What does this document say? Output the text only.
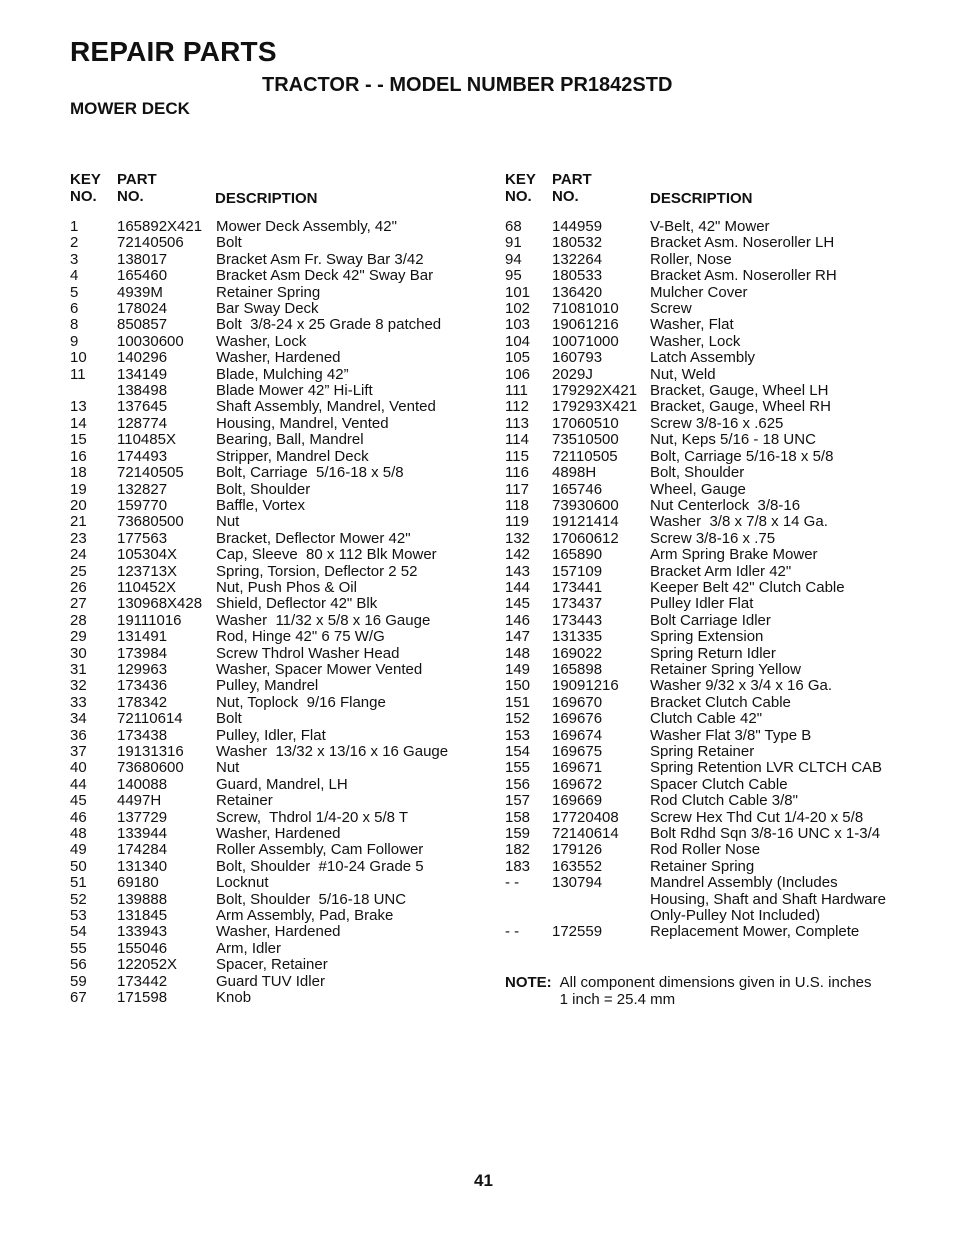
REPAIR PARTS
TRACTOR - - MODEL NUMBER PR1842STD
MOWER DECK
KEY
NO.
PART
NO.	DESCRIPTION
1	165892X421 Mower Deck Assembly, 42"
2	72140506	Bolt
3	138017	Bracket Asm Fr. Sway Bar 3/42
4	165460	Bracket Asm Deck 42" Sway Bar
5	4939M	Retainer Spring
6	178024	Bar Sway Deck
8	850857	Bolt  3/8-24 x 25 Grade 8 patched
9	10030600	Washer, Lock
10	140296	Washer, Hardened
11	134149	Blade, Mulching 42”
138498	Blade Mower 42” Hi-Lift
13	137645	Shaft Assembly, Mandrel, Vented
14	128774	Housing, Mandrel, Vented
15	110485X	Bearing, Ball, Mandrel
16	174493	Stripper, Mandrel Deck
18	72140505	Bolt, Carriage  5/16-18 x 5/8
19	132827	Bolt, Shoulder
20	159770	Baffle, Vortex
21	73680500	Nut
23	177563	Bracket, Deflector Mower 42"
24	105304X	Cap, Sleeve  80 x 112 Blk Mower
25	123713X	Spring, Torsion, Deflector 2 52
26	110452X	Nut, Push Phos & Oil
27	130968X428 Shield, Deflector 42" Blk
28	19111016	Washer  11/32 x 5/8 x 16 Gauge
29	131491	Rod, Hinge 42" 6 75 W/G
30	173984	Screw Thdrol Washer Head
31	129963	Washer, Spacer Mower Vented
32	173436	Pulley, Mandrel
33	178342	Nut, Toplock  9/16 Flange
34	72110614	Bolt
36	173438	Pulley, Idler, Flat
37	19131316	Washer  13/32 x 13/16 x 16 Gauge
40	73680600	Nut
44	140088	Guard, Mandrel, LH
45	4497H	Retainer
46	137729	Screw,  Thdrol 1/4-20 x 5/8 T
48	133944	Washer, Hardened
49	174284	Roller Assembly, Cam Follower
50	131340	Bolt, Shoulder  #10-24 Grade 5
51	69180	Locknut
52	139888	Bolt, Shoulder  5/16-18 UNC
53	131845	Arm Assembly, Pad, Brake
54	133943	Washer, Hardened
55	155046	Arm, Idler
56	122052X	Spacer, Retainer
59	173442	Guard TUV Idler
67	171598	Knob
KEY
NO.
PART
NO.	DESCRIPTION
68	144959	V-Belt, 42" Mower
91	180532	Bracket Asm. Noseroller LH
94	132264	Roller, Nose
95	180533	Bracket Asm. Noseroller RH
101	136420	Mulcher Cover
102	71081010	Screw
103	19061216	Washer, Flat
104	10071000	Washer, Lock
105	160793	Latch Assembly
106	2029J	Nut, Weld
111	179292X421 Bracket, Gauge, Wheel LH
112	179293X421 Bracket, Gauge, Wheel RH
113	17060510	Screw 3/8-16 x .625
114	73510500	Nut, Keps 5/16 - 18 UNC
115	72110505	Bolt, Carriage 5/16-18 x 5/8
116	4898H	Bolt, Shoulder
117	165746	Wheel, Gauge
118	73930600	Nut Centerlock  3/8-16
119	19121414	Washer  3/8 x 7/8 x 14 Ga.
132	17060612	Screw 3/8-16 x .75
142	165890	Arm Spring Brake Mower
143	157109	Bracket Arm Idler 42"
144	173441	Keeper Belt 42" Clutch Cable
145	173437	Pulley Idler Flat
146	173443	Bolt Carriage Idler
147	131335	Spring Extension
148	169022	Spring Return Idler
149	165898	Retainer Spring Yellow
150	19091216	Washer 9/32 x 3/4 x 16 Ga.
151	169670	Bracket Clutch Cable
152	169676	Clutch Cable 42"
153	169674	Washer Flat 3/8" Type B
154	169675	Spring Retainer
155	169671	Spring Retention LVR CLTCH CAB
156	169672	Spacer Clutch Cable
157	169669	Rod Clutch Cable 3/8"
158	17720408	Screw Hex Thd Cut 1/4-20 x 5/8
159	72140614	Bolt Rdhd Sqn 3/8-16 UNC x 1-3/4
182	179126	Rod Roller Nose
183	163552	Retainer Spring
- -	130794	Mandrel Assembly (Includes
Housing, Shaft and Shaft Hardware
Only-Pulley Not Included)
- -	172559	Replacement Mower, Complete
NOTE: All component dimensions given in U.S. inches
1 inch = 25.4 mm
41
